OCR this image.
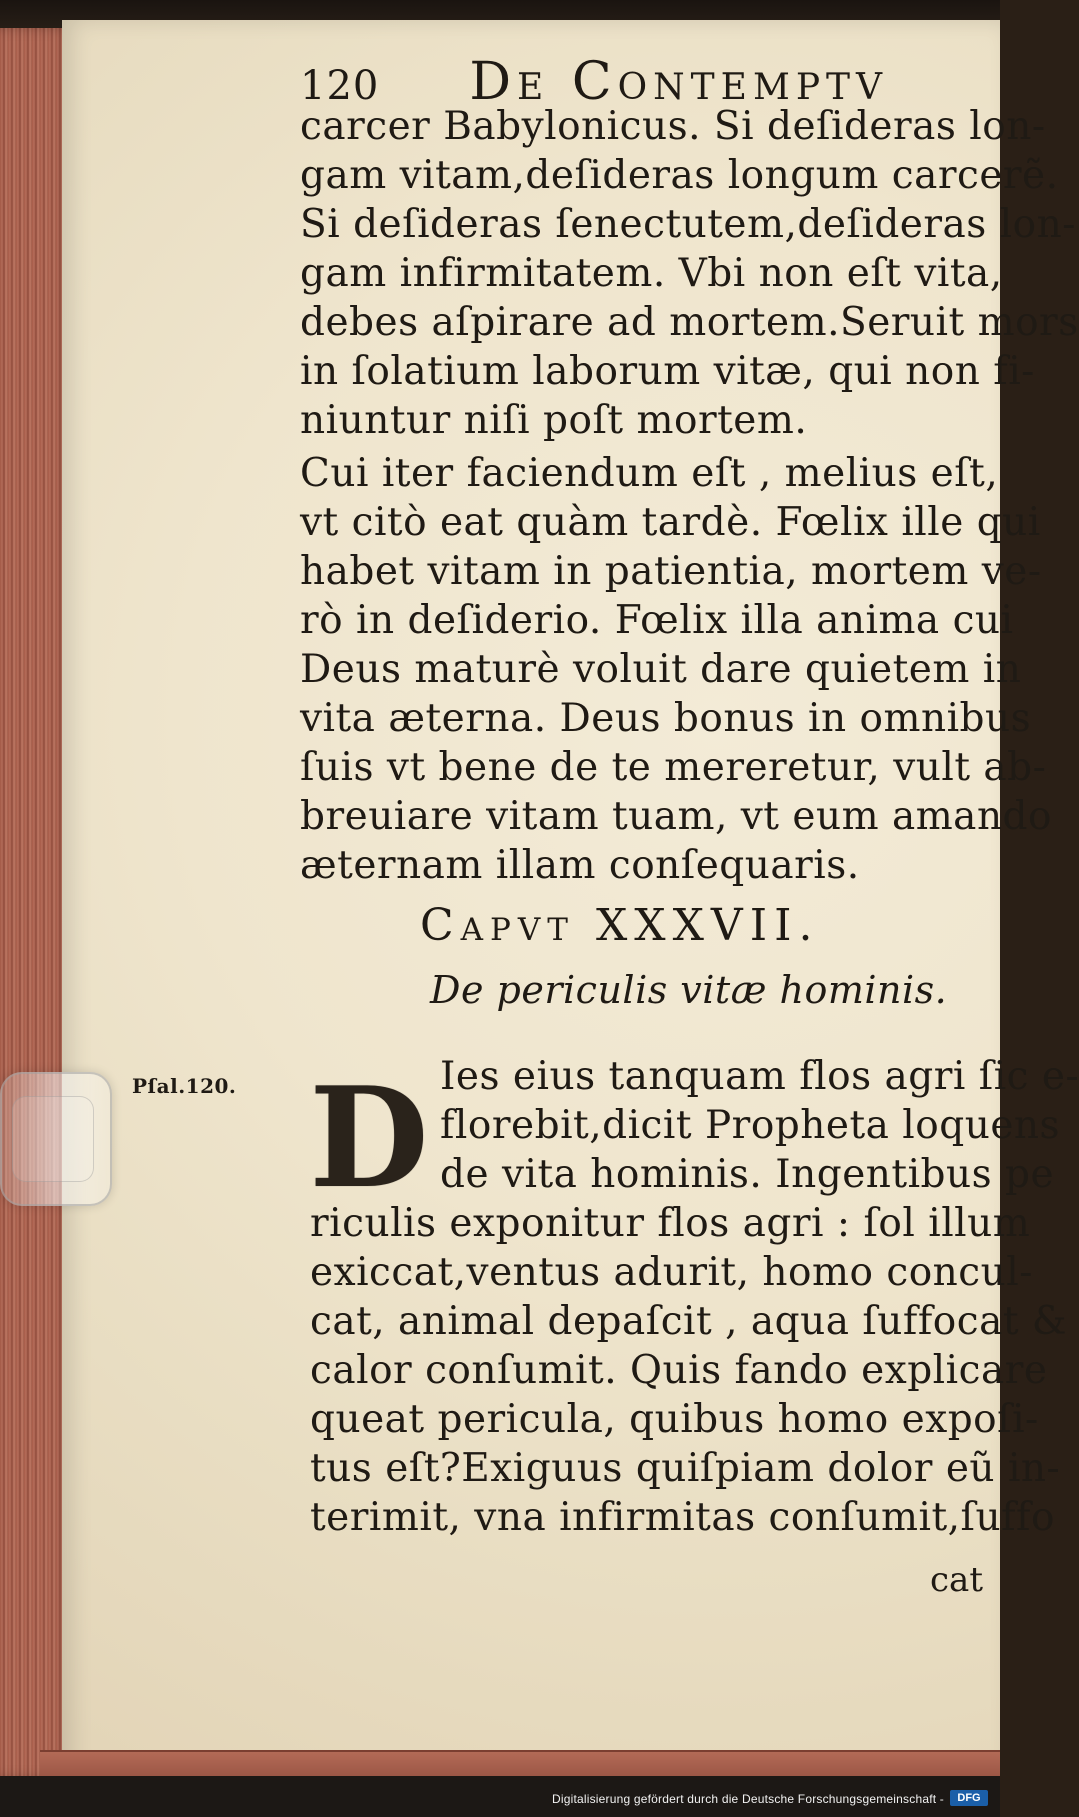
120 De Contemptv
carcer Babylonicus. Si deſideras lon-
gam vitam,deſideras longum carcerẽ.
Si deſideras ſenectutem,deſideras lon-
gam infirmitatem. Vbi non eſt vita,
debes aſpirare ad mortem.Seruit mors
in ſolatium laborum vitæ, qui non fi-
niuntur niſi poſt mortem.
Cui iter faciendum eſt , melius eſt,
vt citò eat quàm tardè. Fœlix ille qui
habet vitam in patientia, mortem ve-
rò in deſiderio. Fœlix illa anima cui
Deus maturè voluit dare quietem in
vita æterna. Deus bonus in omnibus
ſuis vt bene de te mereretur, vult ab-
breuiare vitam tuam, vt eum amando
æternam illam conſequaris.
Capvt XXXVII.
De periculis vitæ hominis.
Pſal.120. D Ies eius tanquam flos agri ſic e-
florebit,dicit Propheta loquens
de vita hominis. Ingentibus pe
riculis exponitur flos agri : ſol illum
exiccat,ventus adurit, homo concul-
cat, animal depaſcit , aqua ſuffocat &
calor conſumit. Quis fando explicare
queat pericula, quibus homo expoſi-
tus eſt?Exiguus quiſpiam dolor eũ in-
terimit, vna infirmitas conſumit,ſuffo
cat
Digitalisierung gefördert durch die Deutsche Forschungsgemeinschaft -	DFG
